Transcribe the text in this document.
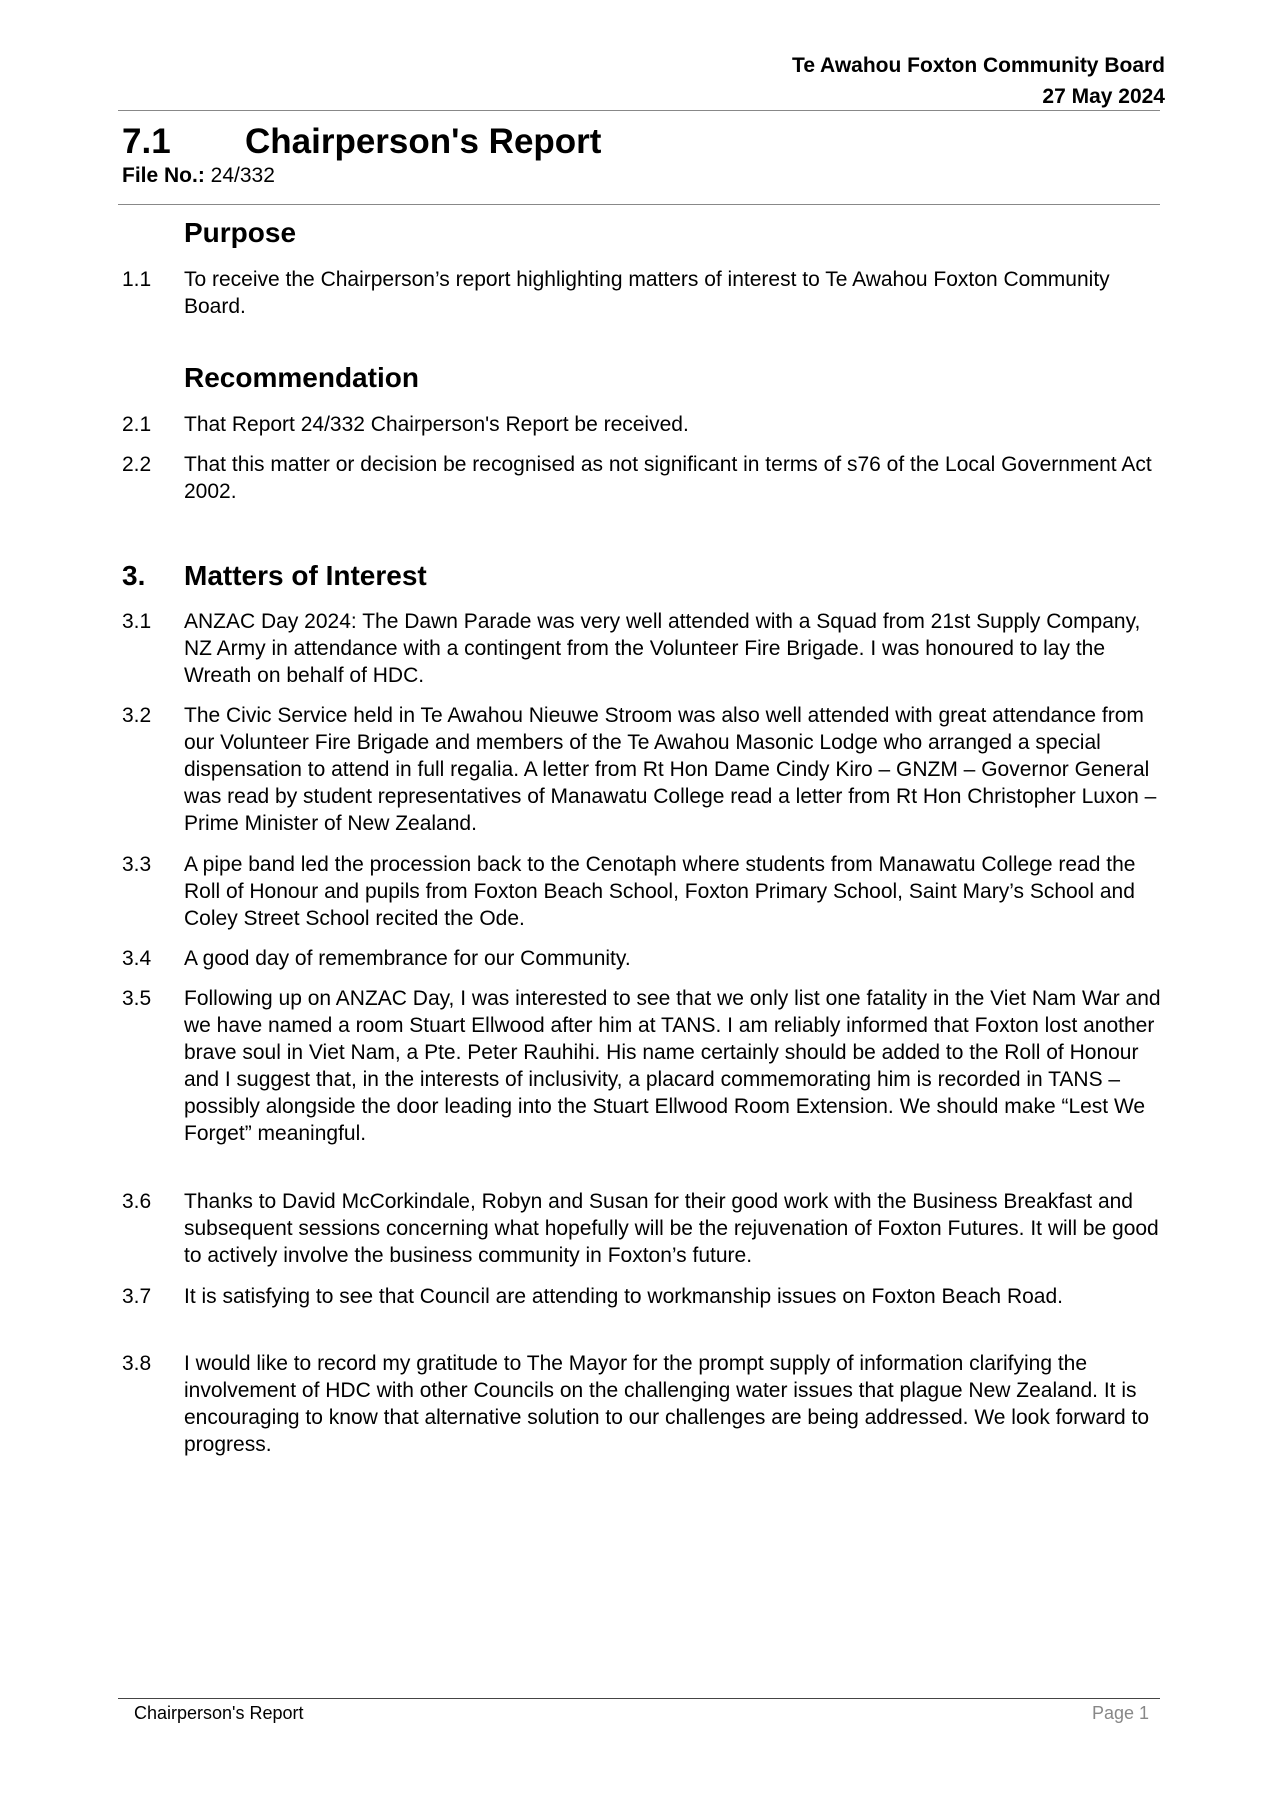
Te Awahou Foxton Community Board
27 May 2024
7.1 Chairperson's Report
File No.: 24/332
Purpose
1.1	To receive the Chairperson’s report highlighting matters of interest to Te Awahou Foxton Community Board.
Recommendation
2.1	That Report 24/332 Chairperson's Report be received.
2.2	That this matter or decision be recognised as not significant in terms of s76 of the Local Government Act 2002.
3. Matters of Interest
3.1	ANZAC Day 2024: The Dawn Parade was very well attended with a Squad from 21st Supply Company, NZ Army in attendance with a contingent from the Volunteer Fire Brigade. I was honoured to lay the Wreath on behalf of HDC.
3.2	The Civic Service held in Te Awahou Nieuwe Stroom was also well attended with great attendance from our Volunteer Fire Brigade and members of the Te Awahou Masonic Lodge who arranged a special dispensation to attend in full regalia. A letter from Rt Hon Dame Cindy Kiro – GNZM – Governor General was read by student representatives of Manawatu College read a letter from Rt Hon Christopher Luxon – Prime Minister of New Zealand.
3.3	A pipe band led the procession back to the Cenotaph where students from Manawatu College read the Roll of Honour and pupils from Foxton Beach School, Foxton Primary School, Saint Mary’s School and Coley Street School recited the Ode.
3.4	A good day of remembrance for our Community.
3.5	Following up on ANZAC Day, I was interested to see that we only list one fatality in the Viet Nam War and we have named a room Stuart Ellwood after him at TANS. I am reliably informed that Foxton lost another brave soul in Viet Nam, a Pte. Peter Rauhihi. His name certainly should be added to the Roll of Honour and I suggest that, in the interests of inclusivity, a placard commemorating him is recorded in TANS – possibly alongside the door leading into the Stuart Ellwood Room Extension. We should make “Lest We Forget” meaningful.
3.6	Thanks to David McCorkindale, Robyn and Susan for their good work with the Business Breakfast and subsequent sessions concerning what hopefully will be the rejuvenation of Foxton Futures. It will be good to actively involve the business community in Foxton’s future.
3.7	It is satisfying to see that Council are attending to workmanship issues on Foxton Beach Road.
3.8	I would like to record my gratitude to The Mayor for the prompt supply of information clarifying the involvement of HDC with other Councils on the challenging water issues that plague New Zealand. It is encouraging to know that alternative solution to our challenges are being addressed. We look forward to progress.
Chairperson's Report	Page 1
